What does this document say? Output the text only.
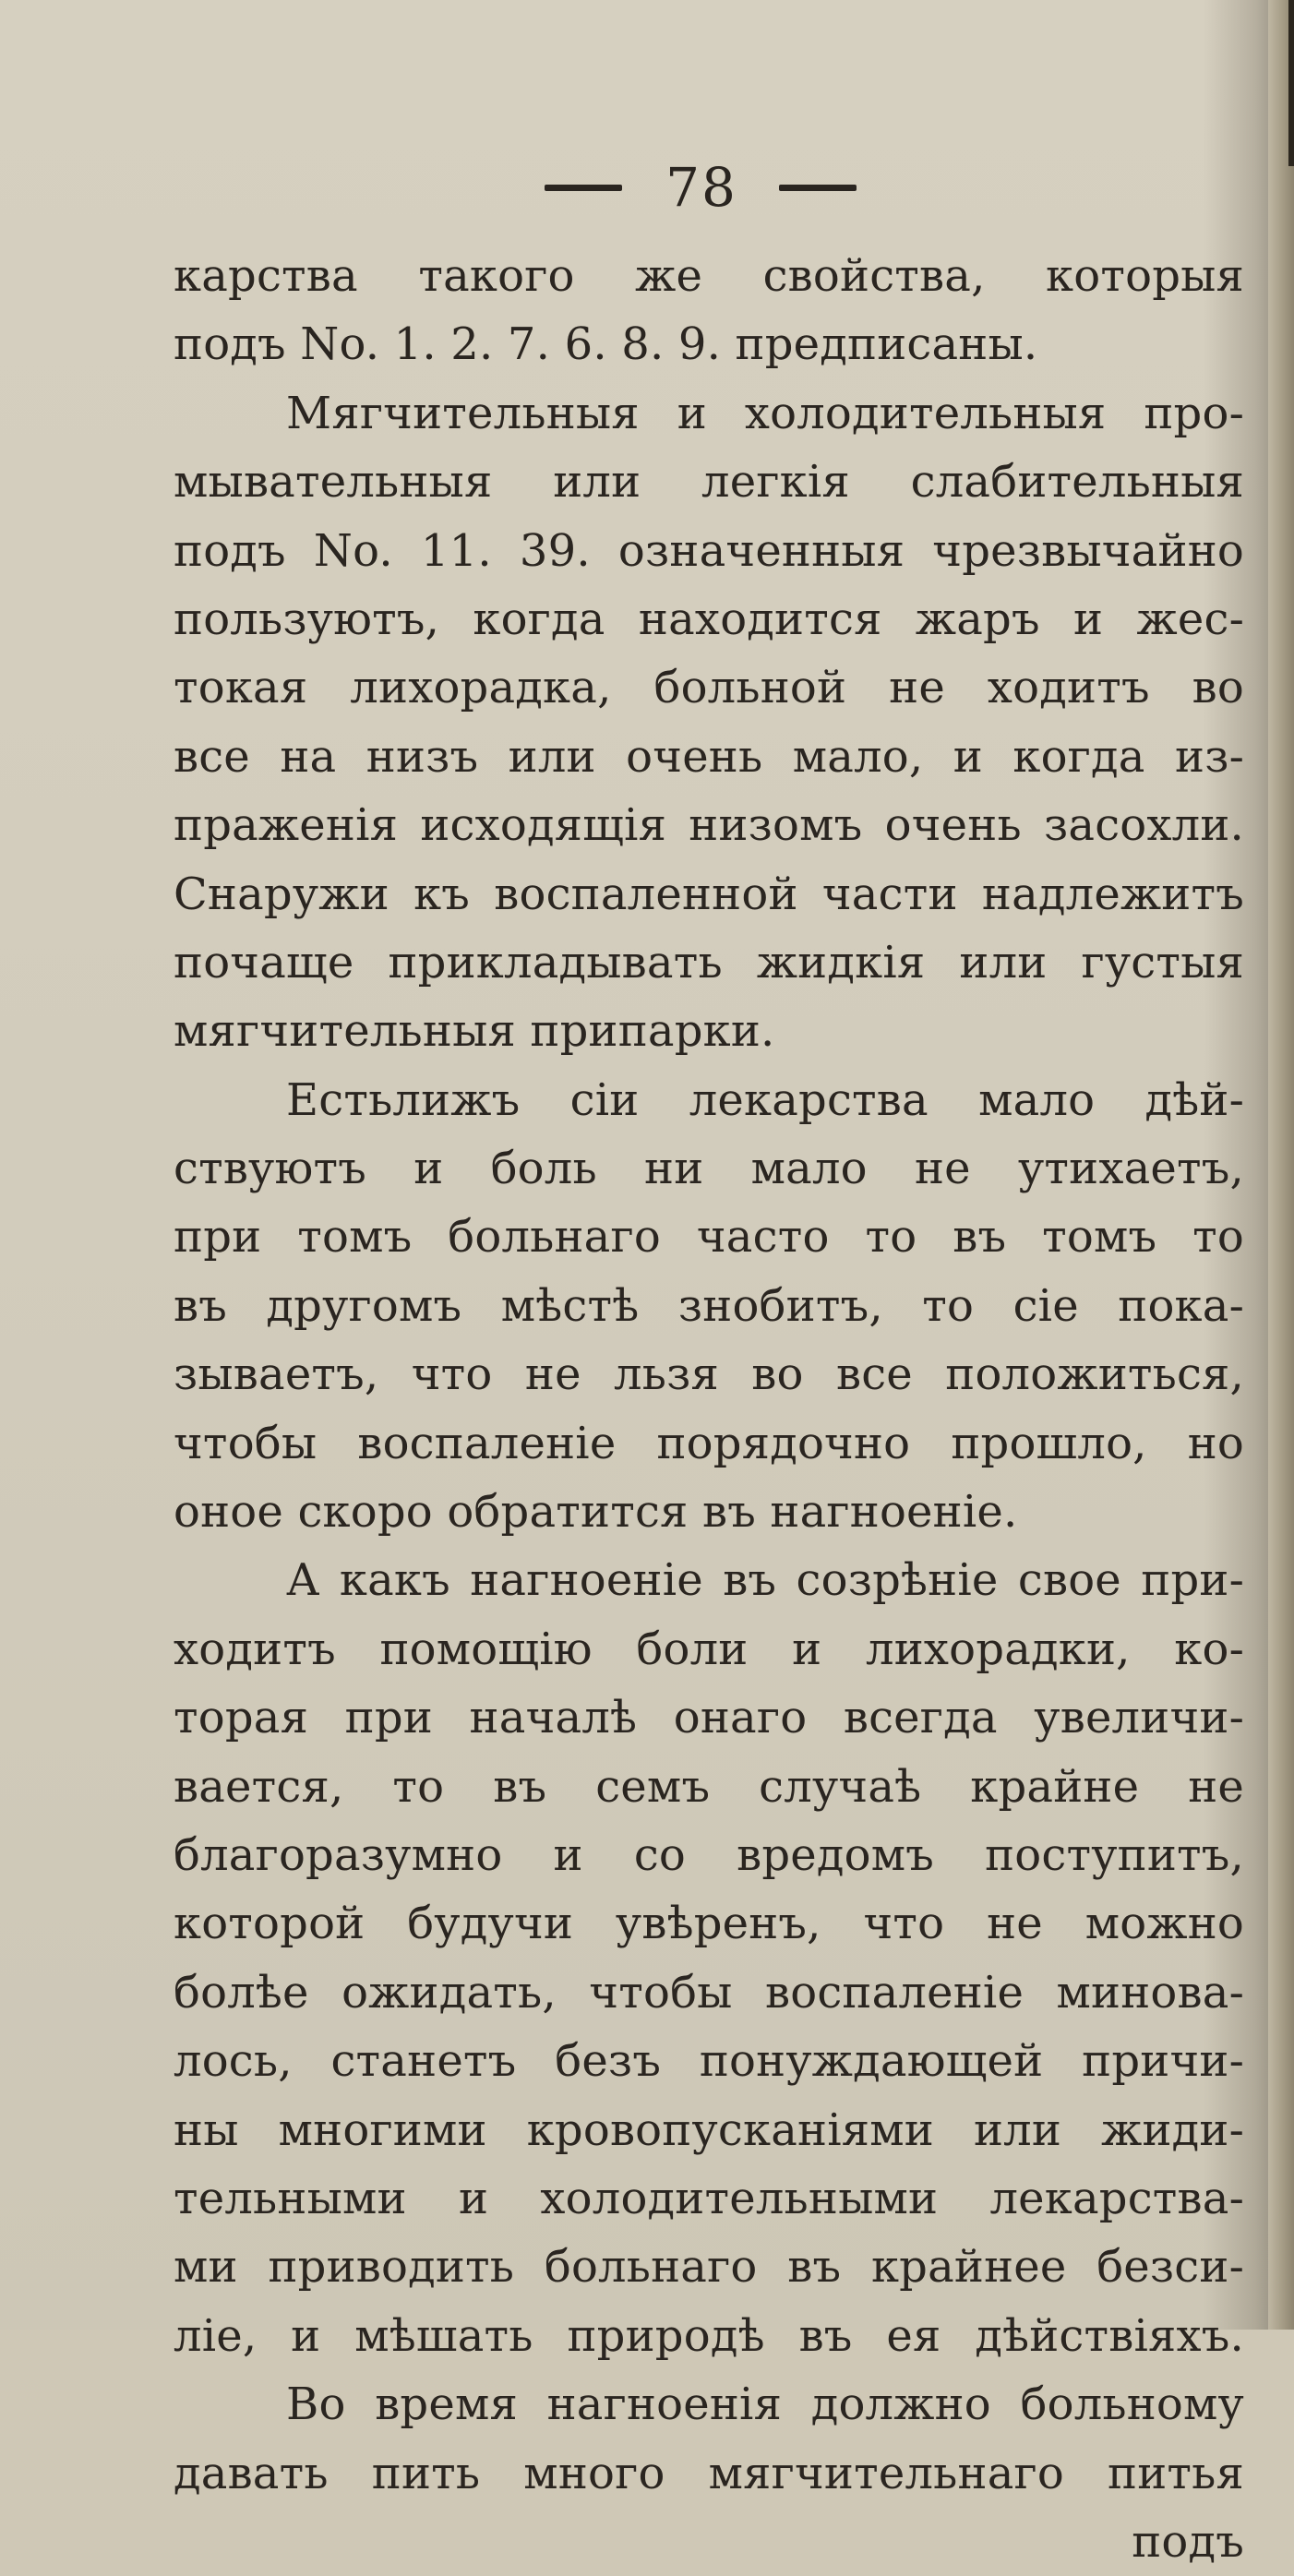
78
карства такого же свойства, которыя
подъ No. 1. 2. 7. 6. 8. 9. предписаны.
Мягчительныя и холодительныя про-
мывательныя или легкія слабительныя
подъ No. 11. 39. означенныя чрезвычайно
пользуютъ, когда находится жаръ и жес-
токая лихорадка, больной не ходитъ во
все на низъ или очень мало, и когда из-
праженія исходящія низомъ очень засохли.
Снаружи къ воспаленной части надлежитъ
почаще прикладывать жидкія или густыя
мягчительныя припарки.
Естьлижъ сіи лекарства мало дѣй-
ствуютъ и боль ни мало не утихаетъ,
при томъ больнаго часто то въ томъ то
въ другомъ мѣстѣ знобитъ, то сіе пока-
зываетъ, что не льзя во все положиться,
чтобы воспаленіе порядочно прошло, но
оное скоро обратится въ нагноеніе.
А какъ нагноеніе въ созрѣніе свое при-
ходитъ помощію боли и лихорадки, ко-
торая при началѣ онаго всегда увеличи-
вается, то въ семъ случаѣ крайне не
благоразумно и со вредомъ поступитъ,
которой будучи увѣренъ, что не можно
болѣе ожидать, чтобы воспаленіе минова-
лось, станетъ безъ понуждающей причи-
ны многими кровопусканіями или жиди-
тельными и холодительными лекарства-
ми приводить больнаго въ крайнее безси-
ліе, и мѣшать природѣ въ ея дѣйствіяхъ.
Во время нагноенія должно больному
давать пить много мягчительнаго питья
подъ
